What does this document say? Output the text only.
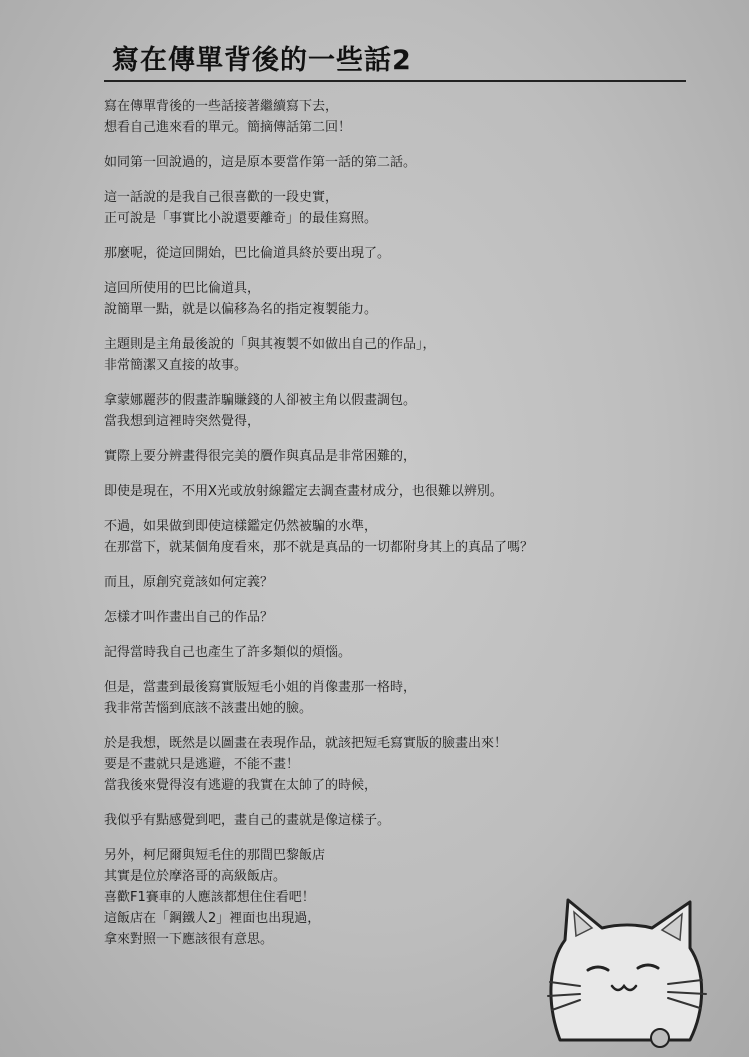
寫在傳單背後的一些話2

寫在傳單背後的一些話接著繼續寫下去，
想看自己進來看的單元。簡摘傳話第二回！

如同第一回說過的，這是原本要當作第一話的第二話。

這一話說的是我自己很喜歡的一段史實，
正可說是「事實比小說還要離奇」的最佳寫照。

那麼呢，從這回開始，巴比倫道具終於要出現了。

這回所使用的巴比倫道具，
說簡單一點，就是以偏移為名的指定複製能力。

主題則是主角最後說的「與其複製不如做出自己的作品」，
非常簡潔又直接的故事。

拿蒙娜麗莎的假畫詐騙賺錢的人卻被主角以假畫調包。
當我想到這裡時突然覺得，

實際上要分辨畫得很完美的贗作與真品是非常困難的，

即使是現在，不用X光或放射線鑑定去調查畫材成分，也很難以辨別。

不過，如果做到即使這樣鑑定仍然被騙的水準，
在那當下，就某個角度看來，那不就是真品的一切都附身其上的真品了嗎？

而且，原創究竟該如何定義？

怎樣才叫作畫出自己的作品？

記得當時我自己也產生了許多類似的煩惱。

但是，當畫到最後寫實版短毛小姐的肖像畫那一格時，
我非常苦惱到底該不該畫出她的臉。

於是我想，既然是以圖畫在表現作品，就該把短毛寫實版的臉畫出來！
要是不畫就只是逃避，不能不畫！
當我後來覺得沒有逃避的我實在太帥了的時候，

我似乎有點感覺到吧，畫自己的畫就是像這樣子。

另外，柯尼爾與短毛住的那間巴黎飯店
其實是位於摩洛哥的高級飯店。
喜歡F1賽車的人應該都想住住看吧！
這飯店在「鋼鐵人2」裡面也出現過，
拿來對照一下應該很有意思。
